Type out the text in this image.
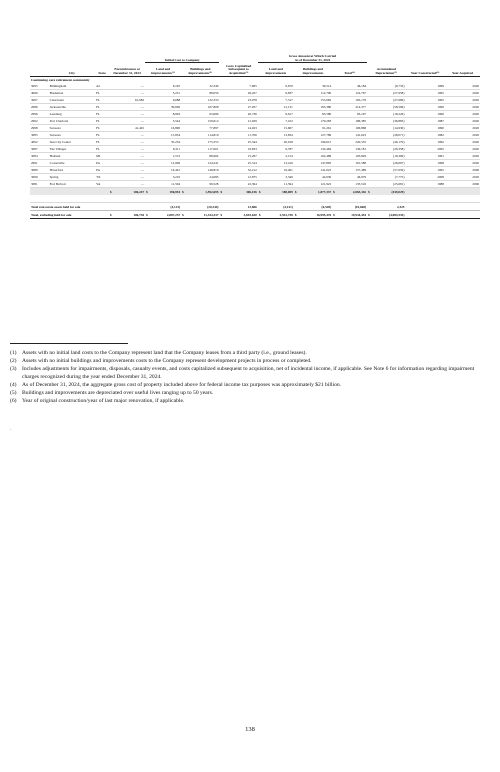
					Initial Cost to Company						Gross Amount at Which Carried
As of December 31, 2024									

	City	State	Encumbrances at December 31, 2024		Land and improvements⁽¹⁾		Buildings and improvements⁽²⁾		Costs Capitalized Subsequent to Acquisition⁽³⁾		Land and improvements		Buildings and improvements		Total⁽⁴⁾		Accumulated Depreciation⁽⁵⁾		Year Constructed⁽⁶⁾	Year Acquired
Continuing care retirement community																				
3095	Birmingham	AL		—		6,195		32,340		7,965		6,670		39,514		46,184		(9,733)	1999	2020
4090	Bradenton	FL		—		5,251		88,050		29,457		9,837		112,790		122,767		(27,958)	1995	2020
3097	Clearwater	FL		61,082		6,688		132,333		23,978		7,317		155,682		163,179		(27,686)	1995	2020
2086	Jacksonville	FL		—		39,600		167,808		27,057		21,131		195,380		214,377		(58,596)	1999	2020
2996	Leesburg	FL		—		8,993		63,699		20,736		9,617		83,580		93,197		(19,226)	1990	2020
2992	Port Charlotte	FL		—		5,544		159,612		21,029		7,102		179,283		186,385		(36,883)	1987	2020
2998	Sarasota	FL		41,445		16,890		77,897		14,023		15,607		91,261		106,868		(14,930)	1990	2020
3085	Sarasota	FL		—		15,854		114,819		11,706		13,834		127,789		141,623		(28,071)	1982	2020
4092	Sun City Center	FL		—		35,254		175,555		25,344		20,918		199,615		220,535		(46,179)	1992	2020
3087	The Villages	FL		—		6,311		117,001		19,833		6,787		132,484		139,181		(26,358)	2005	2020
3084	Holland	MI		—		1,572		88,904		15,297		2,154		102,489		103,829		(19,399)	1991	2020
2991	Coatesville	PA		—		12,900		124,241		25,314		13,416		147,895		161,588		(26,697)	1998	2020
3089	Haverford	PA		—		16,461		148,816		32,212		16,461		141,025		157,489		(57,659)	1995	2006
3099	Spring	TX		—		3,210		24,083		12,875		3,349		42,630		46,979		(7,775)	2008	2020
3081	Fort Belvoir	VA		—		11,594		99,528		22,394		11,594		121,922		133,516		(25,681)	1988	2006
			$	106,247	$	196,954	$	1,592,695	$	306,156	$	188,009	$	1,877,337	$	2,065,316	$	(439,029)		

Total real estate assets held for sale						(4,141)		(20,344)		13,866		(4,141)		(6,528)		(10,668)		2,325		
Total, excluding held for sale			$	106,730	$	2,887,257	$	11,334,337	$	3,693,620	$	2,941,738	$	16,995,476	$	19,934,454	$	(4,083,535)		
(1) Assets with no initial land costs to the Company represent land that the Company leases from a third party (i.e., ground leases).
(2) Assets with no initial buildings and improvements costs to the Company represent development projects in process or completed.
(3) Includes adjustments for impairments, disposals, casualty events, and costs capitalized subsequent to acquisition, net of incidental income, if applicable. See Note 6 for information regarding impairment charges recognized during the year ended December 31, 2024.
(4) As of December 31, 2024, the aggregate gross cost of property included above for federal income tax purposes was approximately $21 billion.
(5) Buildings and improvements are depreciated over useful lives ranging up to 50 years.
(6) Year of original construction/year of last major renovation, if applicable.
.
138
